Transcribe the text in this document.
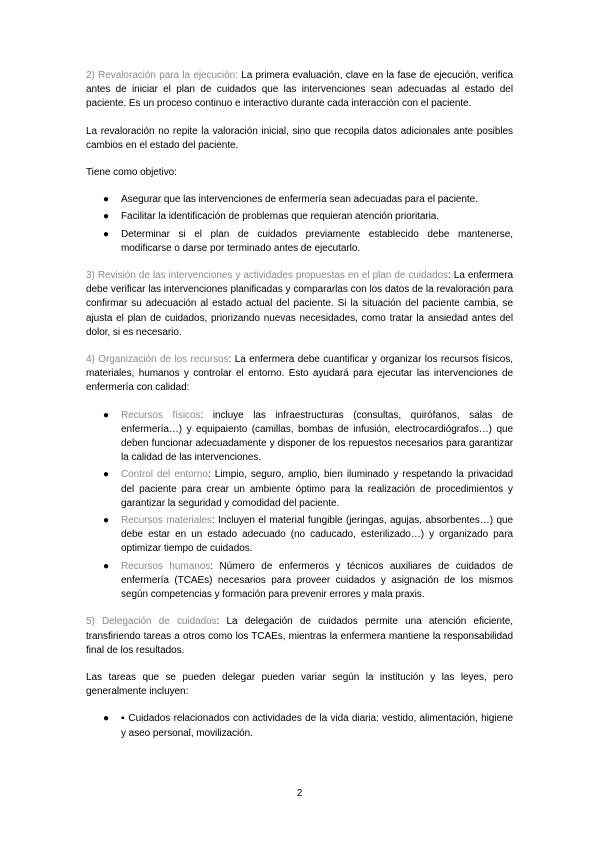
2) Revaloración para la ejecución: La primera evaluación, clave en la fase de ejecución, verifica antes de iniciar el plan de cuidados que las intervenciones sean adecuadas al estado del paciente. Es un proceso continuo e interactivo durante cada interacción con el paciente.

La revaloración no repite la valoración inicial, sino que recopila datos adicionales ante posibles cambios en el estado del paciente.

Tiene como objetivo:

● Asegurar que las intervenciones de enfermería sean adecuadas para el paciente.
● Facilitar la identificación de problemas que requieran atención prioritaria.
● Determinar si el plan de cuidados previamente establecido debe mantenerse, modificarse o darse por terminado antes de ejecutarlo.

3) Revisión de las intervenciones y actividades propuestas en el plan de cuidados: La enfermera debe verificar las intervenciones planificadas y compararlas con los datos de la revaloración para confirmar su adecuación al estado actual del paciente. Si la situación del paciente cambia, se ajusta el plan de cuidados, priorizando nuevas necesidades, como tratar la ansiedad antes del dolor, si es necesario.

4) Organización de los recursos: La enfermera debe cuantificar y organizar los recursos físicos, materiales, humanos y controlar el entorno. Esto ayudará para ejecutar las intervenciones de enfermería con calidad:

● Recursos físicos: incluye las infraestructuras (consultas, quirófanos, salas de enfermería…) y equipaiento (camillas, bombas de infusión, electrocardiógrafos…) que deben funcionar adecuadamente y disponer de los repuestos necesarios para garantizar la calidad de las intervenciones.
● Control del entorno: Limpio, seguro, amplio, bien iluminado y respetando la privacidad del paciente para crear un ambiente óptimo para la realización de procedimientos y garantizar la seguridad y comodidad del paciente.
● Recursos materiales: Incluyen el material fungible (jeringas, agujas, absorbentes…) que debe estar en un estado adecuado (no caducado, esterilizado…) y organizado para optimizar tiempo de cuidados.
● Recursos humanos: Número de enfermeros y técnicos auxiliares de cuidados de enfermería (TCAEs) necesarios para proveer cuidados y asignación de los mismos según competencias y formación para prevenir errores y mala praxis.

5) Delegación de cuidados: La delegación de cuidados permite una atención eficiente, transfiriendo tareas a otros como los TCAEs, mientras la enfermera mantiene la responsabilidad final de los resultados.

Las tareas que se pueden delegar pueden variar según la institución y las leyes, pero generalmente incluyen:

● ▪ Cuidados relacionados con actividades de la vida diaria: vestido, alimentación, higiene y aseo personal, movilización.
2
